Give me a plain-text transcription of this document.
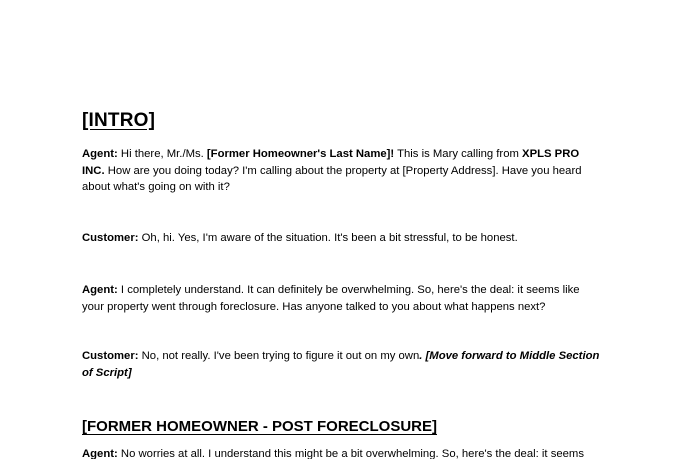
[INTRO]
Agent: Hi there, Mr./Ms. [Former Homeowner's Last Name]! This is Mary calling from XPLS PRO INC. How are you doing today? I'm calling about the property at [Property Address]. Have you heard about what's going on with it?
Customer: Oh, hi. Yes, I'm aware of the situation. It's been a bit stressful, to be honest.
Agent: I completely understand. It can definitely be overwhelming. So, here's the deal: it seems like your property went through foreclosure. Has anyone talked to you about what happens next?
Customer: No, not really. I've been trying to figure it out on my own. [Move forward to Middle Section of Script]
[FORMER HOMEOWNER - POST FORECLOSURE]
Agent: No worries at all. I understand this might be a bit overwhelming. So, here's the deal: it seems
